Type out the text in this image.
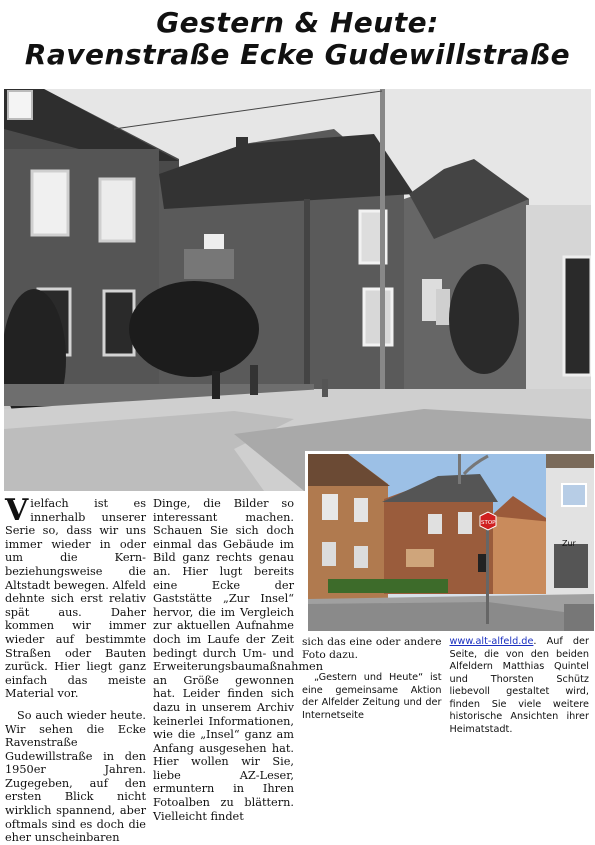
Gestern & Heute:
Ravenstraße Ecke Gudewillstraße
Zur
STOP

Vielfach ist es innerhalb unserer Serie so, dass wir uns immer wieder in oder um die Kern- beziehungsweise die Altstadt bewegen. Alfeld dehnte sich erst relativ spät aus. Daher kommen wir immer wieder auf bestimmte Straßen oder Bauten zurück. Hier liegt ganz einfach das meiste Material vor.

So auch wieder heute. Wir sehen die Ecke Ravenstraße Gudewillstraße in den 1950er Jahren. Zugegeben, auf den ersten Blick nicht wirklich spannend, aber oftmals sind es doch die eher unscheinbaren

Dinge, die Bilder so interessant machen. Schauen Sie sich doch einmal das Gebäude im Bild ganz rechts genau an. Hier lugt bereits eine Ecke der Gaststätte „Zur Insel“ hervor, die im Vergleich zur aktuellen Aufnahme doch im Laufe der Zeit bedingt durch Um- und Erweiterungsbaumaßnahmen an Größe gewonnen hat. Leider finden sich dazu in unserem Archiv keinerlei Informationen, wie die „Insel“ ganz am Anfang ausgesehen hat. Hier wollen wir Sie, liebe AZ-Leser, ermuntern in Ihren Fotoalben zu blättern. Vielleicht findet

sich das eine oder andere Foto dazu.

„Gestern und Heute“ ist eine gemeinsame Aktion der Alfelder Zeitung und der Internetseite

www.alt-alfeld.de. Auf der Seite, die von den beiden Alfeldern Matthias Quintel und Thorsten Schütz liebevoll gestaltet wird, finden Sie viele weitere historische Ansichten ihrer Heimatstadt.
